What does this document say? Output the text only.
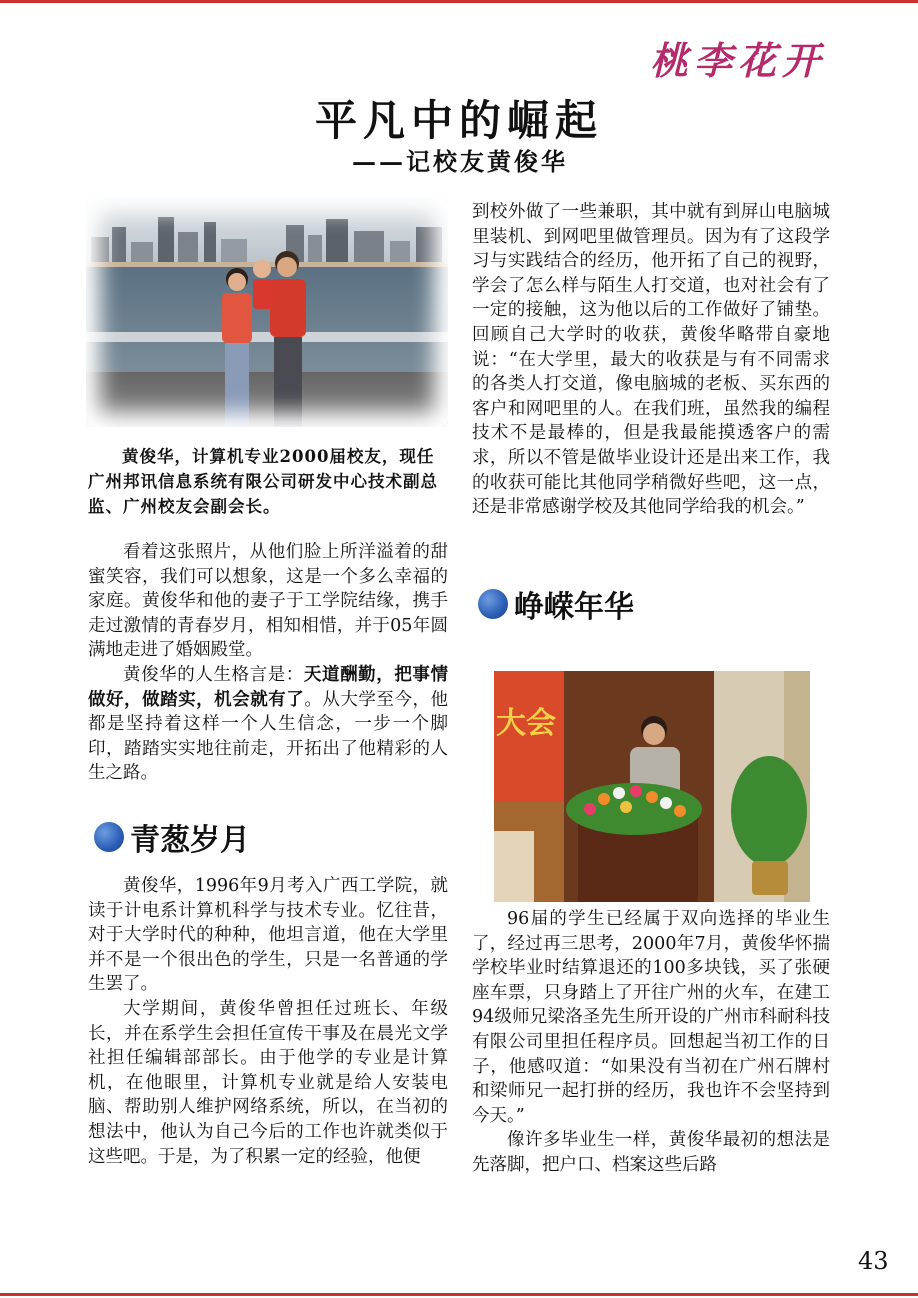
桃李花开
平凡中的崛起
——记校友黄俊华
黄俊华，计算机专业2000届校友，现任广州邦讯信息系统有限公司研发中心技术副总监、广州校友会副会长。

看着这张照片，从他们脸上所洋溢着的甜蜜笑容，我们可以想象，这是一个多么幸福的家庭。黄俊华和他的妻子于工学院结缘，携手走过激情的青春岁月，相知相惜，并于05年圆满地走进了婚姻殿堂。

黄俊华的人生格言是：天道酬勤，把事情做好，做踏实，机会就有了。从大学至今，他都是坚持着这样一个人生信念，一步一个脚印，踏踏实实地往前走，开拓出了他精彩的人生之路。

青葱岁月

黄俊华，1996年9月考入广西工学院，就读于计电系计算机科学与技术专业。忆往昔，对于大学时代的种种，他坦言道，他在大学里并不是一个很出色的学生，只是一名普通的学生罢了。

大学期间，黄俊华曾担任过班长、年级长，并在系学生会担任宣传干事及在晨光文学社担任编辑部部长。由于他学的专业是计算机，在他眼里，计算机专业就是给人安装电脑、帮助别人维护网络系统，所以，在当初的想法中，他认为自己今后的工作也许就类似于这些吧。于是，为了积累一定的经验，他便

到校外做了一些兼职，其中就有到屏山电脑城里装机、到网吧里做管理员。因为有了这段学习与实践结合的经历，他开拓了自己的视野，学会了怎么样与陌生人打交道，也对社会有了一定的接触，这为他以后的工作做好了铺垫。回顾自己大学时的收获，黄俊华略带自豪地说：“在大学里，最大的收获是与有不同需求的各类人打交道，像电脑城的老板、买东西的客户和网吧里的人。在我们班，虽然我的编程技术不是最棒的，但是我最能摸透客户的需求，所以不管是做毕业设计还是出来工作，我的收获可能比其他同学稍微好些吧，这一点，还是非常感谢学校及其他同学给我的机会。”

峥嵘年华
大会

96届的学生已经属于双向选择的毕业生了，经过再三思考，2000年7月，黄俊华怀揣学校毕业时结算退还的100多块钱，买了张硬座车票，只身踏上了开往广州的火车，在建工94级师兄梁洛圣先生所开设的广州市科耐科技有限公司里担任程序员。回想起当初工作的日子，他感叹道：“如果没有当初在广州石牌村和梁师兄一起打拼的经历，我也许不会坚持到今天。”

像许多毕业生一样，黄俊华最初的想法是先落脚，把户口、档案这些后路

43
